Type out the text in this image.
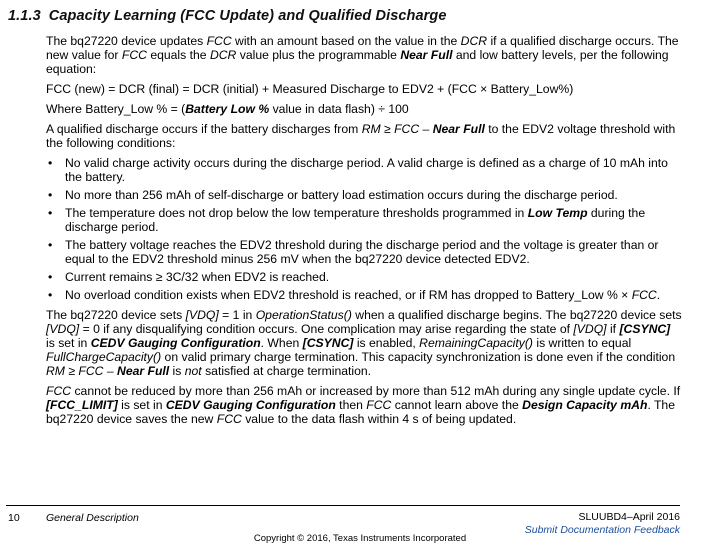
1.1.3 Capacity Learning (FCC Update) and Qualified Discharge

The bq27220 device updates FCC with an amount based on the value in the DCR if a qualified discharge occurs. The new value for FCC equals the DCR value plus the programmable Near Full and low battery levels, per the following equation:

FCC (new) = DCR (final) = DCR (initial) + Measured Discharge to EDV2 + (FCC × Battery_Low%)

Where Battery_Low % = (Battery Low % value in data flash) ÷ 100

A qualified discharge occurs if the battery discharges from RM ≥ FCC – Near Full to the EDV2 voltage threshold with the following conditions:

• No valid charge activity occurs during the discharge period. A valid charge is defined as a charge of 10 mAh into the battery.
• No more than 256 mAh of self-discharge or battery load estimation occurs during the discharge period.
• The temperature does not drop below the low temperature thresholds programmed in Low Temp during the discharge period.
• The battery voltage reaches the EDV2 threshold during the discharge period and the voltage is greater than or equal to the EDV2 threshold minus 256 mV when the bq27220 device detected EDV2.
• Current remains ≥ 3C/32 when EDV2 is reached.
• No overload condition exists when EDV2 threshold is reached, or if RM has dropped to Battery_Low % × FCC.

The bq27220 device sets [VDQ] = 1 in OperationStatus() when a qualified discharge begins. The bq27220 device sets [VDQ] = 0 if any disqualifying condition occurs. One complication may arise regarding the state of [VDQ] if [CSYNC] is set in CEDV Gauging Configuration. When [CSYNC] is enabled, RemainingCapacity() is written to equal FullChargeCapacity() on valid primary charge termination. This capacity synchronization is done even if the condition RM ≥ FCC – Near Full is not satisfied at charge termination.

FCC cannot be reduced by more than 256 mAh or increased by more than 512 mAh during any single update cycle. If [FCC_LIMIT] is set in CEDV Gauging Configuration then FCC cannot learn above the Design Capacity mAh. The bq27220 device saves the new FCC value to the data flash within 4 s of being updated.

10	General Description	SLUUBD4–April 2016
Submit Documentation Feedback
Copyright © 2016, Texas Instruments Incorporated
